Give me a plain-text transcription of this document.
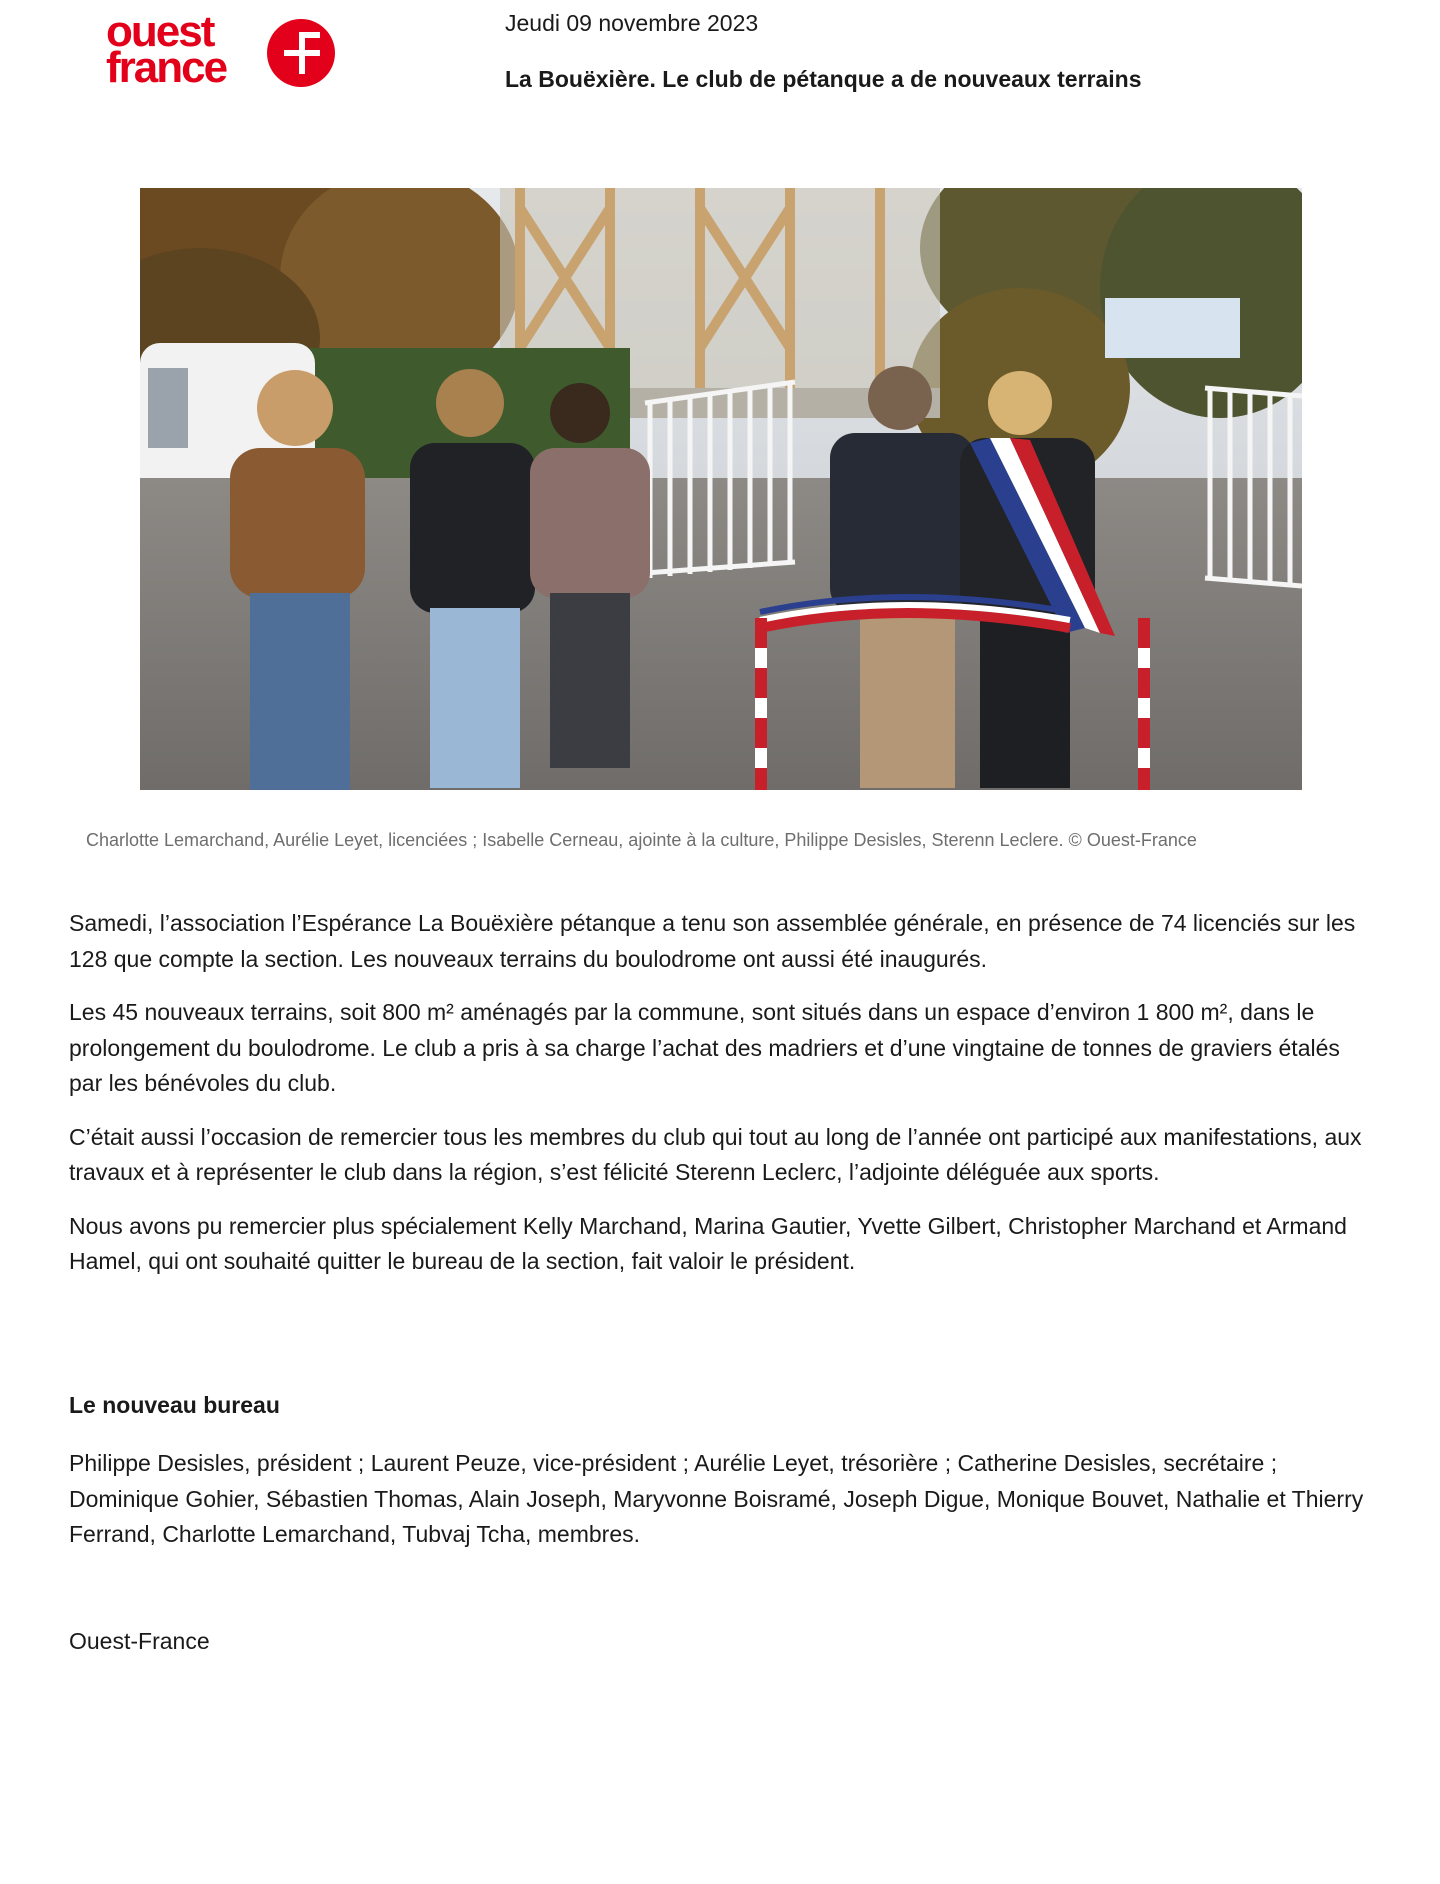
ouest
france
Jeudi 09 novembre 2023
La Bouëxière. Le club de pétanque a de nouveaux terrains
Charlotte Lemarchand, Aurélie Leyet, licenciées ; Isabelle Cerneau, ajointe à la culture, Philippe Desisles, Sterenn Leclere. © Ouest-France

Samedi, l’association l’Espérance La Bouëxière pétanque a tenu son assemblée générale, en présence de 74 licenciés sur les 128 que compte la section. Les nouveaux terrains du boulodrome ont aussi été inaugurés.

Les 45 nouveaux terrains, soit 800 m² aménagés par la commune, sont situés dans un espace d’environ 1 800 m², dans le prolongement du boulodrome. Le club a pris à sa charge l’achat des madriers et d’une vingtaine de tonnes de graviers étalés par les bénévoles du club.

C’était aussi l’occasion de remercier tous les membres du club qui tout au long de l’année ont participé aux manifestations, aux travaux et à représenter le club dans la région, s’est félicité Sterenn Leclerc, l’adjointe déléguée aux sports.

Nous avons pu remercier plus spécialement Kelly Marchand, Marina Gautier, Yvette Gilbert, Christopher Marchand et Armand Hamel, qui ont souhaité quitter le bureau de la section, fait valoir le président.

Le nouveau bureau

Philippe Desisles, président ; Laurent Peuze, vice-président ; Aurélie Leyet, trésorière ; Catherine Desisles, secrétaire ; Dominique Gohier, Sébastien Thomas, Alain Joseph, Maryvonne Boisramé, Joseph Digue, Monique Bouvet, Nathalie et Thierry Ferrand, Charlotte Lemarchand, Tubvaj Tcha, membres.

Ouest-France
